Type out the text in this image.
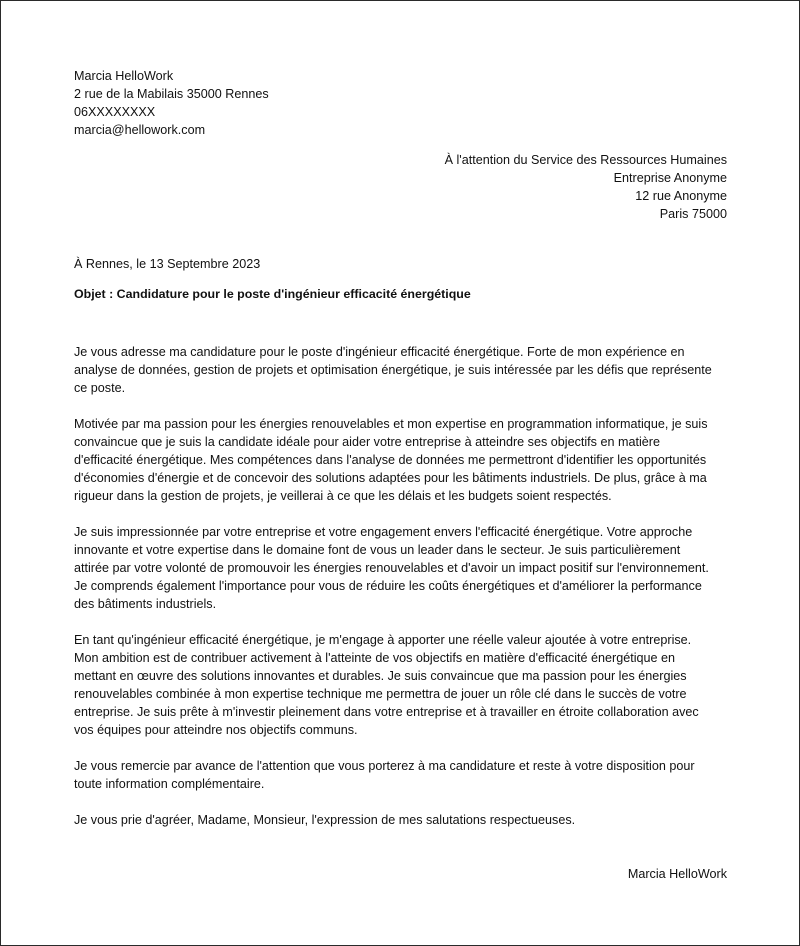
Marcia HelloWork
2 rue de la Mabilais 35000 Rennes
06XXXXXXXX
marcia@hellowork.com
À l'attention du Service des Ressources Humaines
Entreprise Anonyme
12 rue Anonyme
Paris 75000
À Rennes, le 13 Septembre 2023
Objet : Candidature pour le poste d'ingénieur efficacité énergétique
Je vous adresse ma candidature pour le poste d'ingénieur efficacité énergétique. Forte de mon expérience en
analyse de données, gestion de projets et optimisation énergétique, je suis intéressée par les défis que représente
ce poste.
Motivée par ma passion pour les énergies renouvelables et mon expertise en programmation informatique, je suis
convaincue que je suis la candidate idéale pour aider votre entreprise à atteindre ses objectifs en matière
d'efficacité énergétique. Mes compétences dans l'analyse de données me permettront d'identifier les opportunités
d'économies d'énergie et de concevoir des solutions adaptées pour les bâtiments industriels. De plus, grâce à ma
rigueur dans la gestion de projets, je veillerai à ce que les délais et les budgets soient respectés.
Je suis impressionnée par votre entreprise et votre engagement envers l'efficacité énergétique. Votre approche
innovante et votre expertise dans le domaine font de vous un leader dans le secteur. Je suis particulièrement
attirée par votre volonté de promouvoir les énergies renouvelables et d'avoir un impact positif sur l'environnement.
Je comprends également l'importance pour vous de réduire les coûts énergétiques et d'améliorer la performance
des bâtiments industriels.
En tant qu'ingénieur efficacité énergétique, je m'engage à apporter une réelle valeur ajoutée à votre entreprise.
Mon ambition est de contribuer activement à l'atteinte de vos objectifs en matière d'efficacité énergétique en
mettant en œuvre des solutions innovantes et durables. Je suis convaincue que ma passion pour les énergies
renouvelables combinée à mon expertise technique me permettra de jouer un rôle clé dans le succès de votre
entreprise. Je suis prête à m'investir pleinement dans votre entreprise et à travailler en étroite collaboration avec
vos équipes pour atteindre nos objectifs communs.
Je vous remercie par avance de l'attention que vous porterez à ma candidature et reste à votre disposition pour
toute information complémentaire.
Je vous prie d'agréer, Madame, Monsieur, l'expression de mes salutations respectueuses.
Marcia HelloWork
